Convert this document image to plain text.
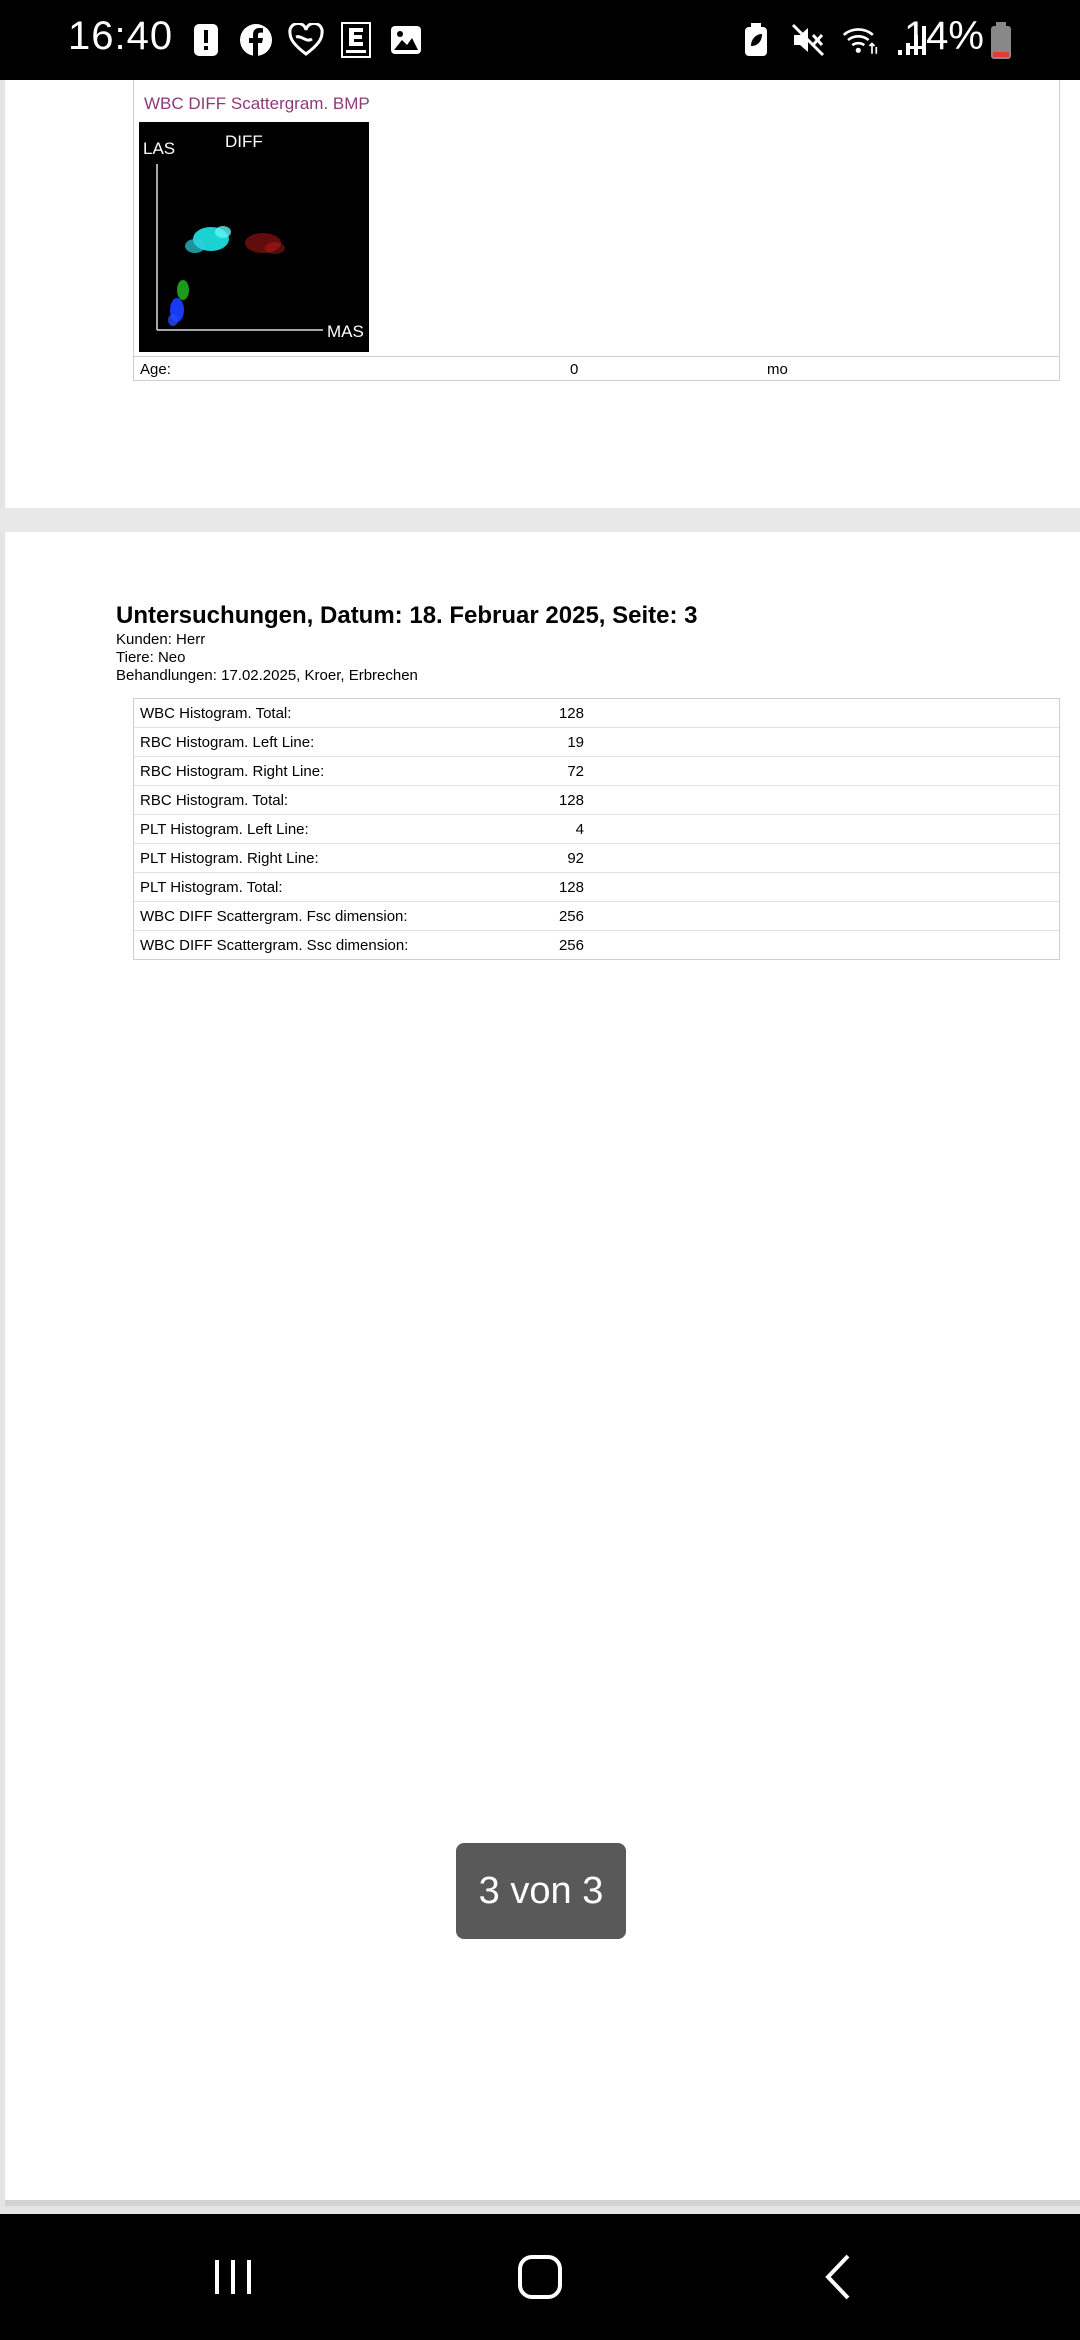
16:40	14%
WBC DIFF Scattergram. BMP
LAS	DIFF
MAS
Age:	0	mo
Untersuchungen, Datum: 18. Februar 2025, Seite: 3
Kunden: Herr
Tiere: Neo
Behandlungen: 17.02.2025, Kroer, Erbrechen
WBC Histogram. Total:	128
RBC Histogram. Left Line:	19
RBC Histogram. Right Line:	72
RBC Histogram. Total:	128
PLT Histogram. Left Line:	4
PLT Histogram. Right Line:	92
PLT Histogram. Total:	128
WBC DIFF Scattergram. Fsc dimension:	256
WBC DIFF Scattergram. Ssc dimension:	256
3 von 3
